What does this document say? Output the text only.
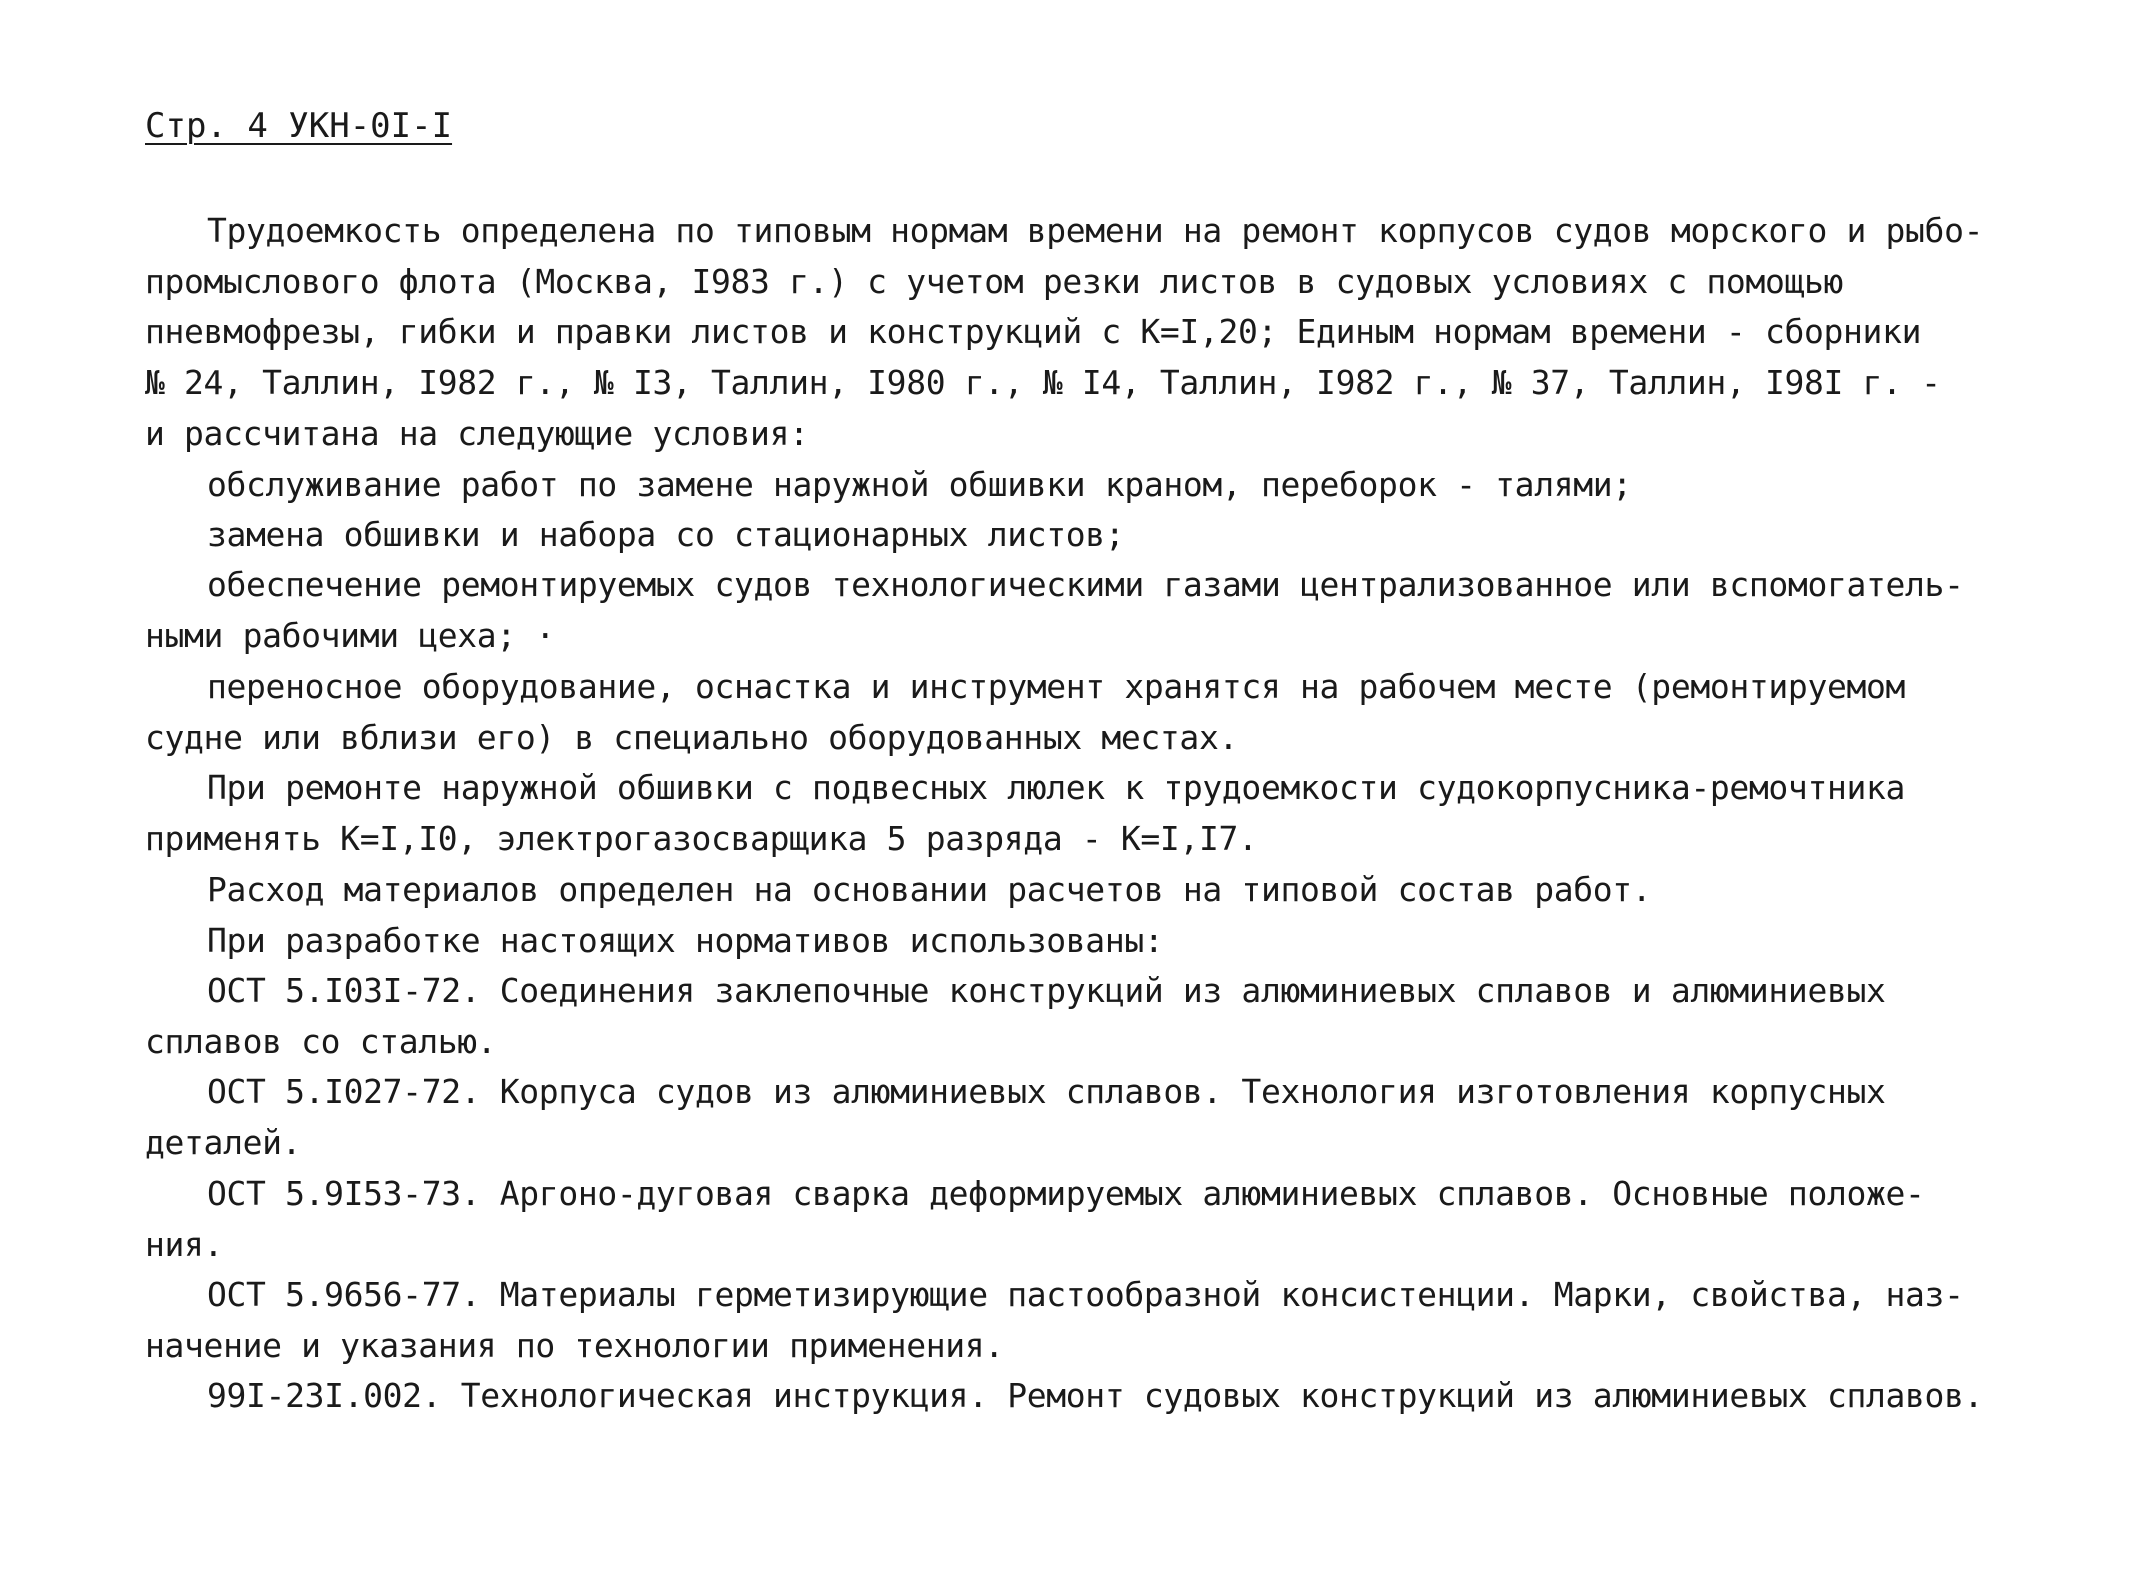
Стр. 4 УКН-0I-I
Трудоемкость определена по типовым нормам времени на ремонт корпусов судов морского и рыбо-
промыслового флота (Москва, I983 г.) с учетом резки листов в судовых условиях с помощью
пневмофрезы, гибки и правки листов и конструкций с К=I,20; Единым нормам времени - сборники
№ 24, Таллин, I982 г., № I3, Таллин, I980 г., № I4, Таллин, I982 г., № 37, Таллин, I98I г. -
и рассчитана на следующие условия:
обслуживание работ по замене наружной обшивки краном, переборок - талями;
замена обшивки и набора со стационарных листов;
обеспечение ремонтируемых судов технологическими газами централизованное или вспомогатель-
ными рабочими цеха; ·
переносное оборудование, оснастка и инструмент хранятся на рабочем месте (ремонтируемом
судне или вблизи его) в специально оборудованных местах.
При ремонте наружной обшивки с подвесных люлек к трудоемкости судокорпусника-ремочтника
применять К=I,I0, электрогазосварщика 5 разряда - К=I,I7.
Расход материалов определен на основании расчетов на типовой состав работ.
При разработке настоящих нормативов использованы:
ОСТ 5.I03I-72. Соединения заклепочные конструкций из алюминиевых сплавов и алюминиевых
сплавов со сталью.
ОСТ 5.I027-72. Корпуса судов из алюминиевых сплавов. Технология изготовления корпусных
деталей.
ОСТ 5.9I53-73. Аргоно-дуговая сварка деформируемых алюминиевых сплавов. Основные положе-
ния.
ОСТ 5.9656-77. Материалы герметизирующие пастообразной консистенции. Марки, свойства, наз-
начение и указания по технологии применения.
99I-23I.002. Технологическая инструкция. Ремонт судовых конструкций из алюминиевых сплавов.
